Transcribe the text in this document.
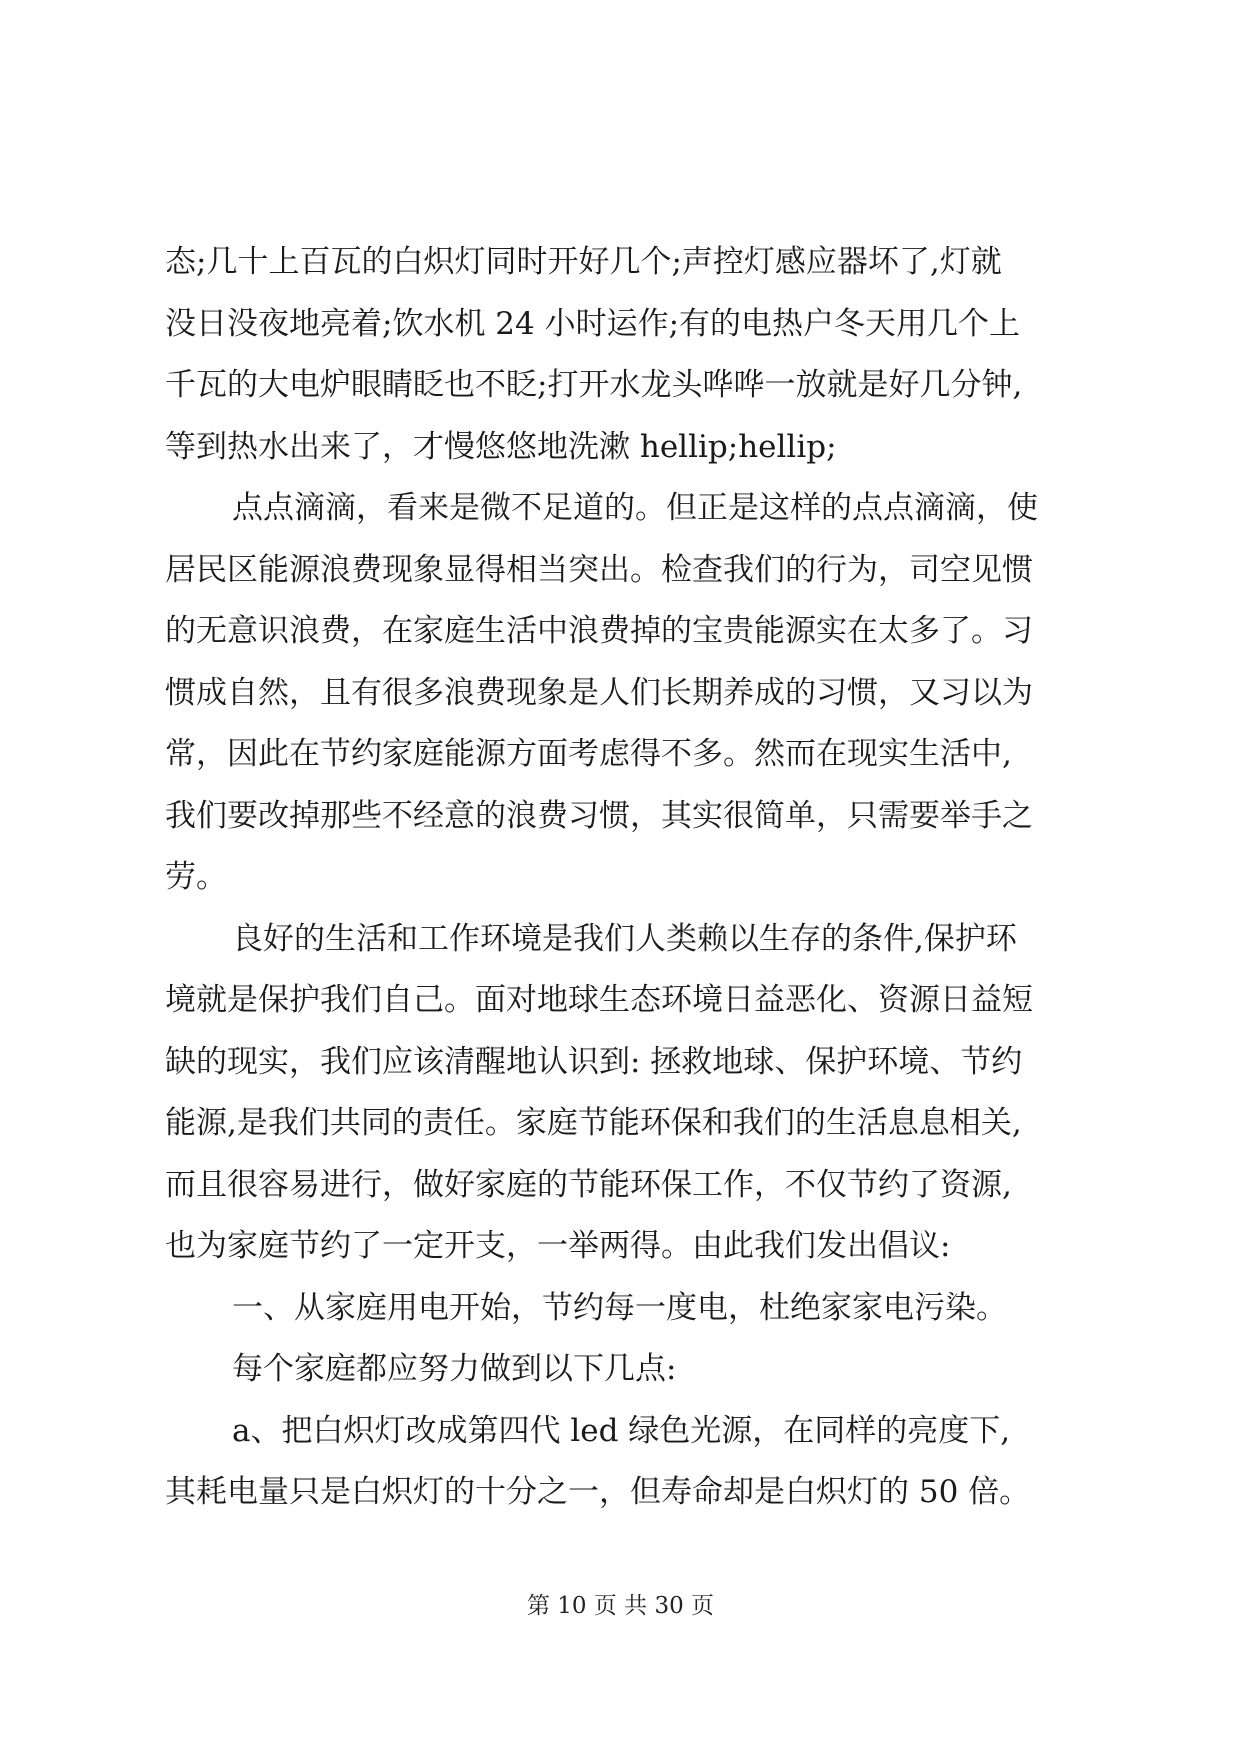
态;几十上百瓦的白炽灯同时开好几个;声控灯感应器坏了,灯就
没日没夜地亮着;饮水机 24 小时运作;有的电热户冬天用几个上
千瓦的大电炉眼睛眨也不眨;打开水龙头哗哗一放就是好几分钟,
等到热水出来了，才慢悠悠地洗漱 hellip;hellip;
点点滴滴，看来是微不足道的。但正是这样的点点滴滴，使
居民区能源浪费现象显得相当突出。检查我们的行为，司空见惯
的无意识浪费，在家庭生活中浪费掉的宝贵能源实在太多了。习
惯成自然，且有很多浪费现象是人们长期养成的习惯，又习以为
常，因此在节约家庭能源方面考虑得不多。然而在现实生活中,
我们要改掉那些不经意的浪费习惯，其实很简单，只需要举手之
劳。
良好的生活和工作环境是我们人类赖以生存的条件,保护环
境就是保护我们自己。面对地球生态环境日益恶化、资源日益短
缺的现实，我们应该清醒地认识到: 拯救地球、保护环境、节约
能源,是我们共同的责任。家庭节能环保和我们的生活息息相关,
而且很容易进行，做好家庭的节能环保工作，不仅节约了资源,
也为家庭节约了一定开支，一举两得。由此我们发出倡议:
一、从家庭用电开始，节约每一度电，杜绝家家电污染。
每个家庭都应努力做到以下几点:
a、把白炽灯改成第四代 led 绿色光源，在同样的亮度下,
其耗电量只是白炽灯的十分之一，但寿命却是白炽灯的 50 倍。
第 10 页 共 30 页
